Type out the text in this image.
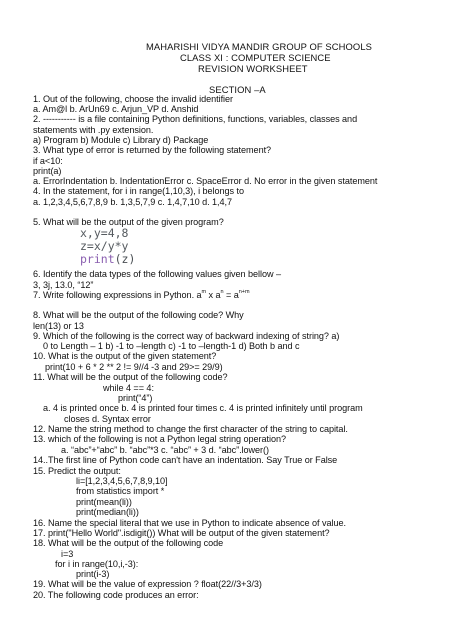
MAHARISHI VIDYA MANDIR GROUP OF SCHOOLS
CLASS XI : COMPUTER SCIENCE
REVISION WORKSHEET
SECTION –A
1. Out of the following, choose the invalid identifier
a. Am@l b. ArUn69 c. Arjun_VP d. Anshid
2. ----------- is a file containing Python definitions, functions, variables, classes and
statements with .py extension.
a) Program b) Module c) Library d) Package
3. What type of error is returned by the following statement?
if a<10:
print(a)
a. ErrorIndentation b. IndentationError c. SpaceError d. No error in the given statement
4. In the statement, for i in range(1,10,3), i belongs to
a. 1,2,3,4,5,6,7,8,9 b. 1,3,5,7,9 c. 1,4,7,10 d. 1,4,7
5. What will be the output of the given program?
x,y=4,8
z=x/y*y
print(z)
6. Identify the data types of the following values given bellow –
3, 3j, 13.0, “12”
7. Write following expressions in Python. $a^m$ x $a^n = a^{n+m}$
8. What will be the output of the following code? Why
len(13) or 13
9. Which of the following is the correct way of backward indexing of string? a)
0 to Length – 1 b) -1 to –length c) -1 to –length-1 d) Both b and c
10. What is the output of the given statement?
print(10 + 6 * 2 ** 2 != 9//4 -3 and 29>= 29/9)
11. What will be the output of the following code?
while 4 == 4:
print(“4”)
a. 4 is printed once b. 4 is printed four times c. 4 is printed infinitely until program
closes d. Syntax error
12. Name the string method to change the first character of the string to capital.
13. which of the following is not a Python legal string operation?
a. “abc”+“abc” b. “abc”*3 c. “abc” + 3 d. “abc”.lower()
14..The first line of Python code can't have an indentation. Say True or False
15. Predict the output:
li=[1,2,3,4,5,6,7,8,9,10]
from statistics import *
print(mean(li))
print(median(li))
16. Name the special literal that we use in Python to indicate absence of value.
17. print("Hello World".isdigit()) What will be output of the given statement?
18. What will be the output of the following code
i=3
for i in range(10,i,-3):
print(i-3)
19. What will be the value of expression ? float(22//3+3/3)
20. The following code produces an error:
